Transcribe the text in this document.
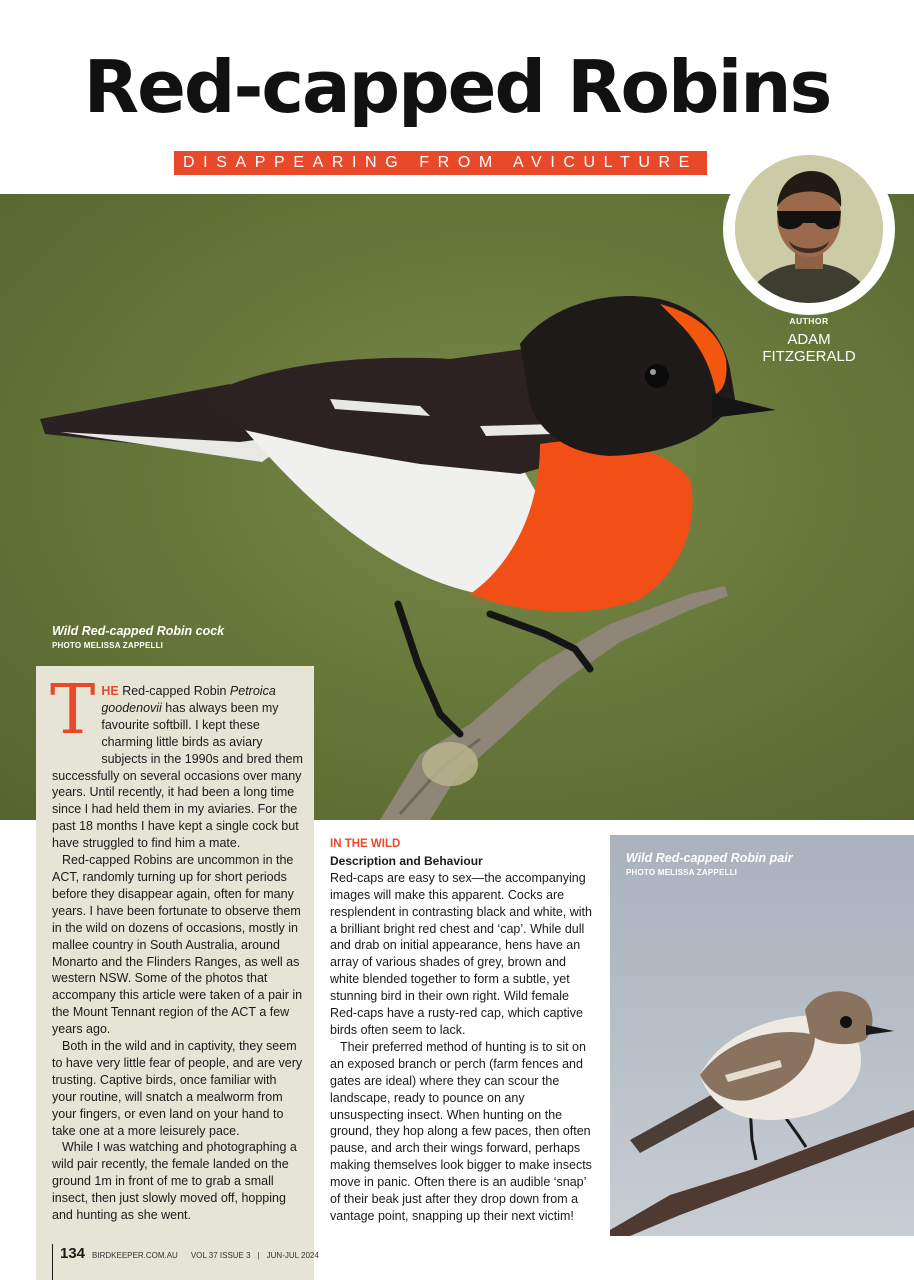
Red-capped Robins
DISAPPEARING FROM AVICULTURE
Wild Red-capped Robin cock
PHOTO MELISSA ZAPPELLI
AUTHOR
ADAM
FITZGERALD

THE Red-capped Robin Petroica goodenovii has always been my favourite softbill. I kept these charming little birds as aviary subjects in the 1990s and bred them successfully on several occasions over many years. Until recently, it had been a long time since I had held them in my aviaries. For the past 18 months I have kept a single cock but have struggled to find him a mate.

Red-capped Robins are uncommon in the ACT, randomly turning up for short periods before they disappear again, often for many years. I have been fortunate to observe them in the wild on dozens of occasions, mostly in mallee country in South Australia, around Monarto and the Flinders Ranges, as well as western NSW. Some of the photos that accompany this article were taken of a pair in the Mount Tennant region of the ACT a few years ago.

Both in the wild and in captivity, they seem to have very little fear of people, and are very trusting. Captive birds, once familiar with your routine, will snatch a mealworm from your fingers, or even land on your hand to take one at a more leisurely pace.

While I was watching and photographing a wild pair recently, the female landed on the ground 1m in front of me to grab a small insect, then just slowly moved off, hopping and hunting as she went.

134 BIRDKEEPER.COM.AU VOL 37 ISSUE 3 | JUN-JUL 2024
IN THE WILD
Description and Behaviour

Red-caps are easy to sex—the accompanying images will make this apparent. Cocks are resplendent in contrasting black and white, with a brilliant bright red chest and ‘cap’. While dull and drab on initial appearance, hens have an array of various shades of grey, brown and white blended together to form a subtle, yet stunning bird in their own right. Wild female Red-caps have a rusty-red cap, which captive birds often seem to lack.

Their preferred method of hunting is to sit on an exposed branch or perch (farm fences and gates are ideal) where they can scour the landscape, ready to pounce on any unsuspecting insect. When hunting on the ground, they hop along a few paces, then often pause, and arch their wings forward, perhaps making themselves look bigger to make insects move in panic. Often there is an audible ‘snap’ of their beak just after they drop down from a vantage point, snapping up their next victim!

Wild Red-capped Robin pair
PHOTO MELISSA ZAPPELLI
